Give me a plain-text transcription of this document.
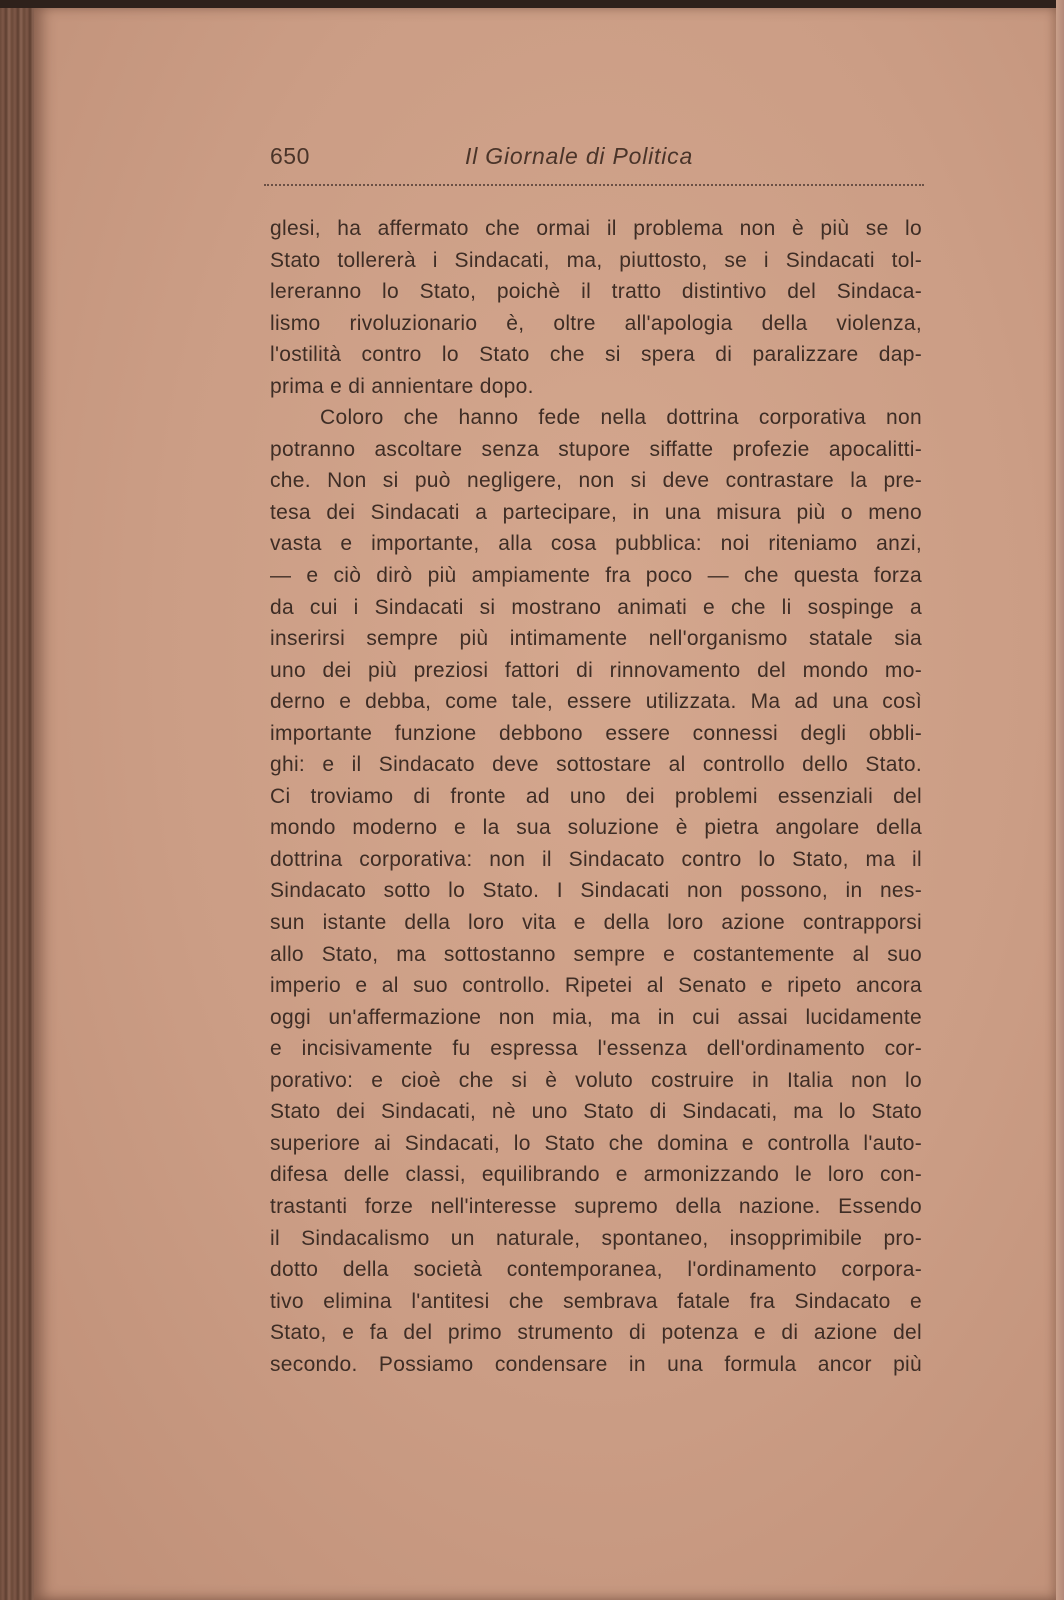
650	Il Giornale di Politica
glesi, ha affermato che ormai il problema non è più se lo
Stato tollererà i Sindacati, ma, piuttosto, se i Sindacati tol-
lereranno lo Stato, poichè il tratto distintivo del Sindaca-
lismo rivoluzionario è, oltre all'apologia della violenza,
l'ostilità contro lo Stato che si spera di paralizzare dap-
prima e di annientare dopo.
Coloro che hanno fede nella dottrina corporativa non
potranno ascoltare senza stupore siffatte profezie apocalitti-
che. Non si può negligere, non si deve contrastare la pre-
tesa dei Sindacati a partecipare, in una misura più o meno
vasta e importante, alla cosa pubblica: noi riteniamo anzi,
— e ciò dirò più ampiamente fra poco — che questa forza
da cui i Sindacati si mostrano animati e che li sospinge a
inserirsi sempre più intimamente nell'organismo statale sia
uno dei più preziosi fattori di rinnovamento del mondo mo-
derno e debba, come tale, essere utilizzata. Ma ad una così
importante funzione debbono essere connessi degli obbli-
ghi: e il Sindacato deve sottostare al controllo dello Stato.
Ci troviamo di fronte ad uno dei problemi essenziali del
mondo moderno e la sua soluzione è pietra angolare della
dottrina corporativa: non il Sindacato contro lo Stato, ma il
Sindacato sotto lo Stato. I Sindacati non possono, in nes-
sun istante della loro vita e della loro azione contrapporsi
allo Stato, ma sottostanno sempre e costantemente al suo
imperio e al suo controllo. Ripetei al Senato e ripeto ancora
oggi un'affermazione non mia, ma in cui assai lucidamente
e incisivamente fu espressa l'essenza dell'ordinamento cor-
porativo: e cioè che si è voluto costruire in Italia non lo
Stato dei Sindacati, nè uno Stato di Sindacati, ma lo Stato
superiore ai Sindacati, lo Stato che domina e controlla l'auto-
difesa delle classi, equilibrando e armonizzando le loro con-
trastanti forze nell'interesse supremo della nazione. Essendo
il Sindacalismo un naturale, spontaneo, insopprimibile pro-
dotto della società contemporanea, l'ordinamento corpora-
tivo elimina l'antitesi che sembrava fatale fra Sindacato e
Stato, e fa del primo strumento di potenza e di azione del
secondo. Possiamo condensare in una formula ancor più
